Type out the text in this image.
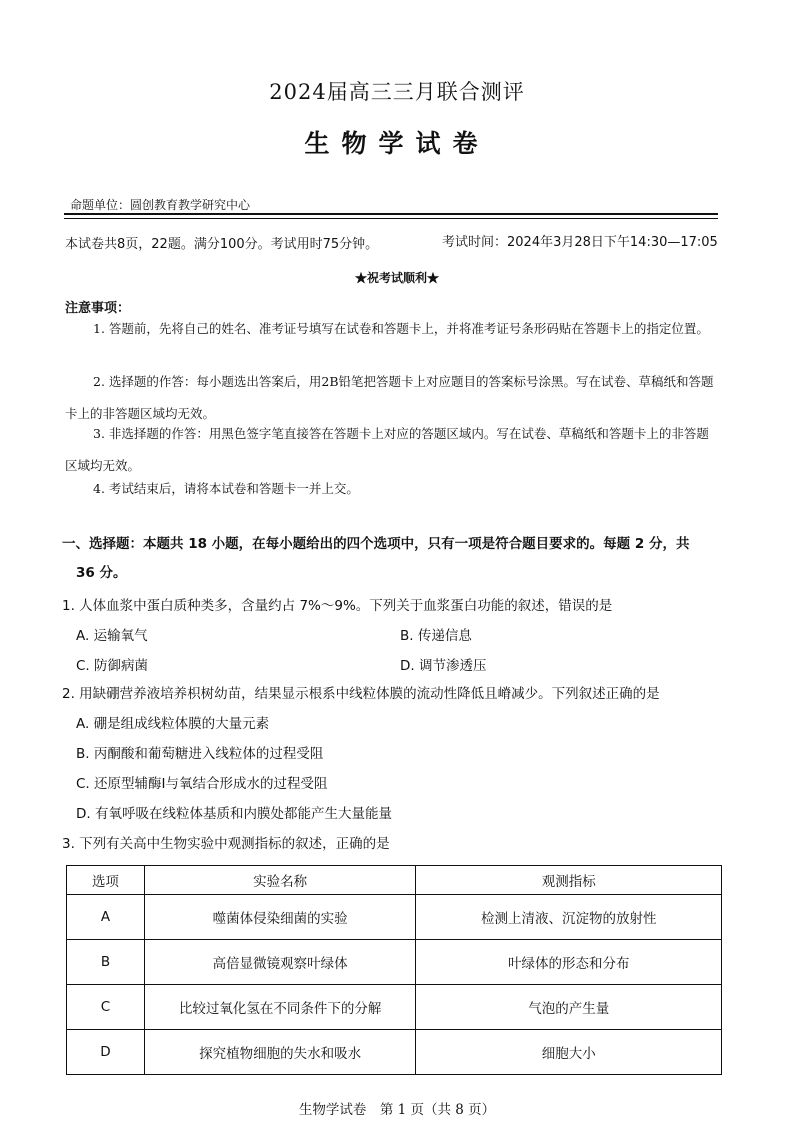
2024届高三三月联合测评
生物学试卷
命题单位：圆创教育教学研究中心
本试卷共8页，22题。满分100分。考试用时75分钟。	考试时间：2024年3月28日下午14:30—17:05
★祝考试顺利★
注意事项：
1. 答题前，先将自己的姓名、准考证号填写在试卷和答题卡上，并将准考证号条形码贴在答题卡上的指定位置。
2. 选择题的作答：每小题选出答案后，用2B铅笔把答题卡上对应题目的答案标号涂黑。写在试卷、草稿纸和答题卡上的非答题区域均无效。
3. 非选择题的作答：用黑色签字笔直接答在答题卡上对应的答题区域内。写在试卷、草稿纸和答题卡上的非答题区域均无效。
4. 考试结束后，请将本试卷和答题卡一并上交。
一、选择题：本题共 18 小题，在每小题给出的四个选项中，只有一项是符合题目要求的。每题 2 分，共
36 分。
1. 人体血浆中蛋白质种类多，含量约占 7%～9%。下列关于血浆蛋白功能的叙述，错误的是
A. 运输氧气	B. 传递信息
C. 防御病菌	D. 调节渗透压
2. 用缺硼营养液培养枳树幼苗，结果显示根系中线粒体膜的流动性降低且嵴减少。下列叙述正确的是
A. 硼是组成线粒体膜的大量元素
B. 丙酮酸和葡萄糖进入线粒体的过程受阻
C. 还原型辅酶Ⅰ与氧结合形成水的过程受阻
D. 有氧呼吸在线粒体基质和内膜处都能产生大量能量
3. 下列有关高中生物实验中观测指标的叙述，正确的是
选项	实验名称	观测指标
A	噬菌体侵染细菌的实验	检测上清液、沉淀物的放射性
B	高倍显微镜观察叶绿体	叶绿体的形态和分布
C	比较过氧化氢在不同条件下的分解	气泡的产生量
D	探究植物细胞的失水和吸水	细胞大小
生物学试卷　第 1 页（共 8 页）
